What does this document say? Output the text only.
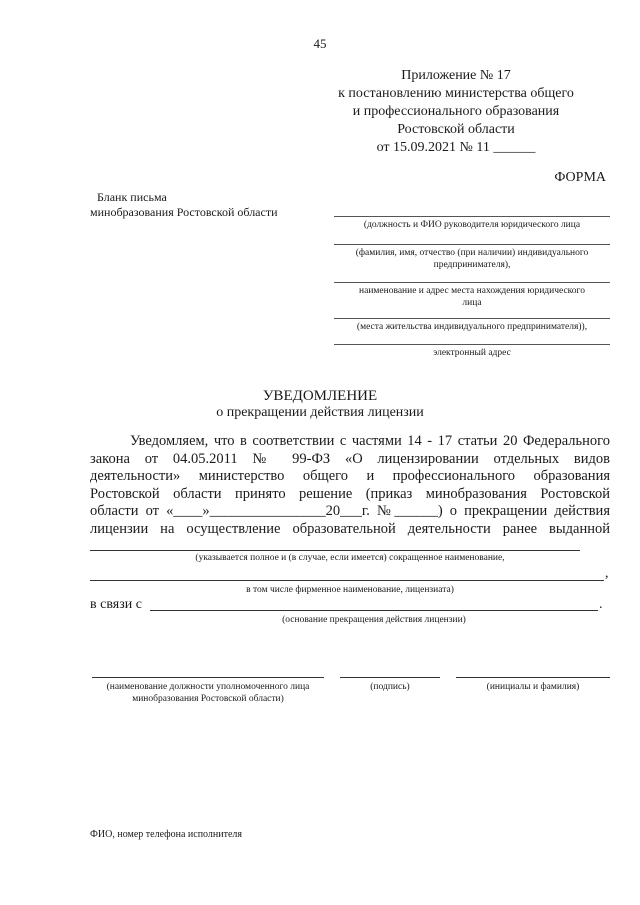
45
Приложение № 17
к постановлению министерства общего
и профессионального образования
Ростовской области
от 15.09.2021 № 11 ______
ФОРМА
Бланк письма
минобразования Ростовской области
(должность и ФИО руководителя юридического лица
(фамилия, имя, отчество (при наличии) индивидуального
предпринимателя),
наименование и адрес места нахождения юридического
лица
(места жительства индивидуального предпринимателя)),
электронный адрес
УВЕДОМЛЕНИЕ
о прекращении действия лицензии
Уведомляем, что в соответствии с частями 14 - 17 статьи 20 Федерального
закона от 04.05.2011 № 99-ФЗ «О лицензировании отдельных видов
деятельности» министерство общего и профессионального образования
Ростовской области принято решение (приказ минобразования Ростовской
области от «____»________________20___г. №______) о прекращении действия
лицензии на осуществление образовательной деятельности ранее выданной
(указывается полное и (в случае, если имеется) сокращенное наименование,
,
в том числе фирменное наименование, лицензиата)
в связи с	.
(основание прекращения действия лицензии)
(наименование должности уполномоченного лица
минобразования Ростовской области)
(подпись)	(инициалы и фамилия)
ФИО, номер телефона исполнителя
